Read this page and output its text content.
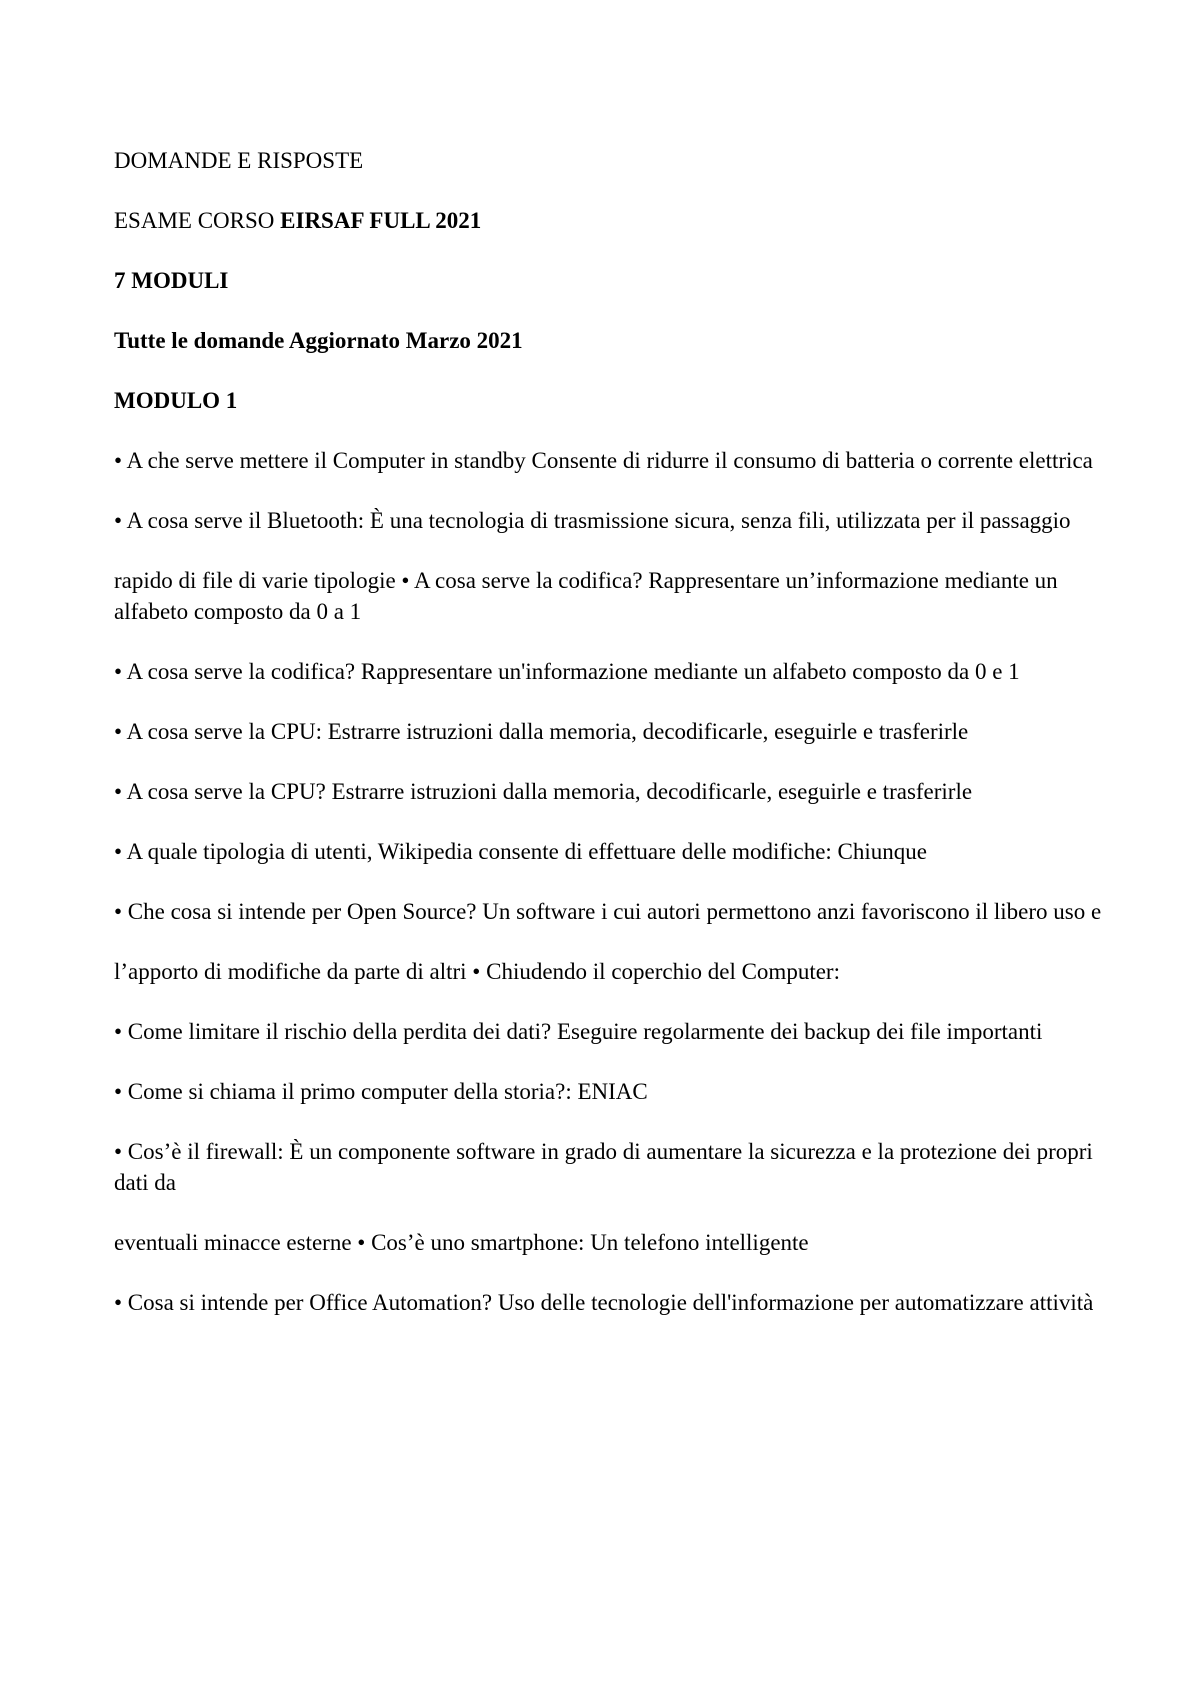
DOMANDE E RISPOSTE
ESAME CORSO EIRSAF FULL 2021
7 MODULI
Tutte le domande Aggiornato Marzo 2021
MODULO 1
• A che serve mettere il Computer in standby Consente di ridurre il consumo di batteria o corrente elettrica
• A cosa serve il Bluetooth: È una tecnologia di trasmissione sicura, senza fili, utilizzata per il passaggio
rapido di file di varie tipologie • A cosa serve la codifica? Rappresentare un’informazione mediante un alfabeto composto da 0 a 1
• A cosa serve la codifica? Rappresentare un'informazione mediante un alfabeto composto da 0 e 1
• A cosa serve la CPU: Estrarre istruzioni dalla memoria, decodificarle, eseguirle e trasferirle
• A cosa serve la CPU? Estrarre istruzioni dalla memoria, decodificarle, eseguirle e trasferirle
• A quale tipologia di utenti, Wikipedia consente di effettuare delle modifiche: Chiunque
• Che cosa si intende per Open Source? Un software i cui autori permettono anzi favoriscono il libero uso e
l’apporto di modifiche da parte di altri • Chiudendo il coperchio del Computer:
• Come limitare il rischio della perdita dei dati? Eseguire regolarmente dei backup dei file importanti
• Come si chiama il primo computer della storia?: ENIAC
• Cos’è il firewall: È un componente software in grado di aumentare la sicurezza e la protezione dei propri dati da
eventuali minacce esterne • Cos’è uno smartphone: Un telefono intelligente
• Cosa si intende per Office Automation? Uso delle tecnologie dell'informazione per automatizzare attività
